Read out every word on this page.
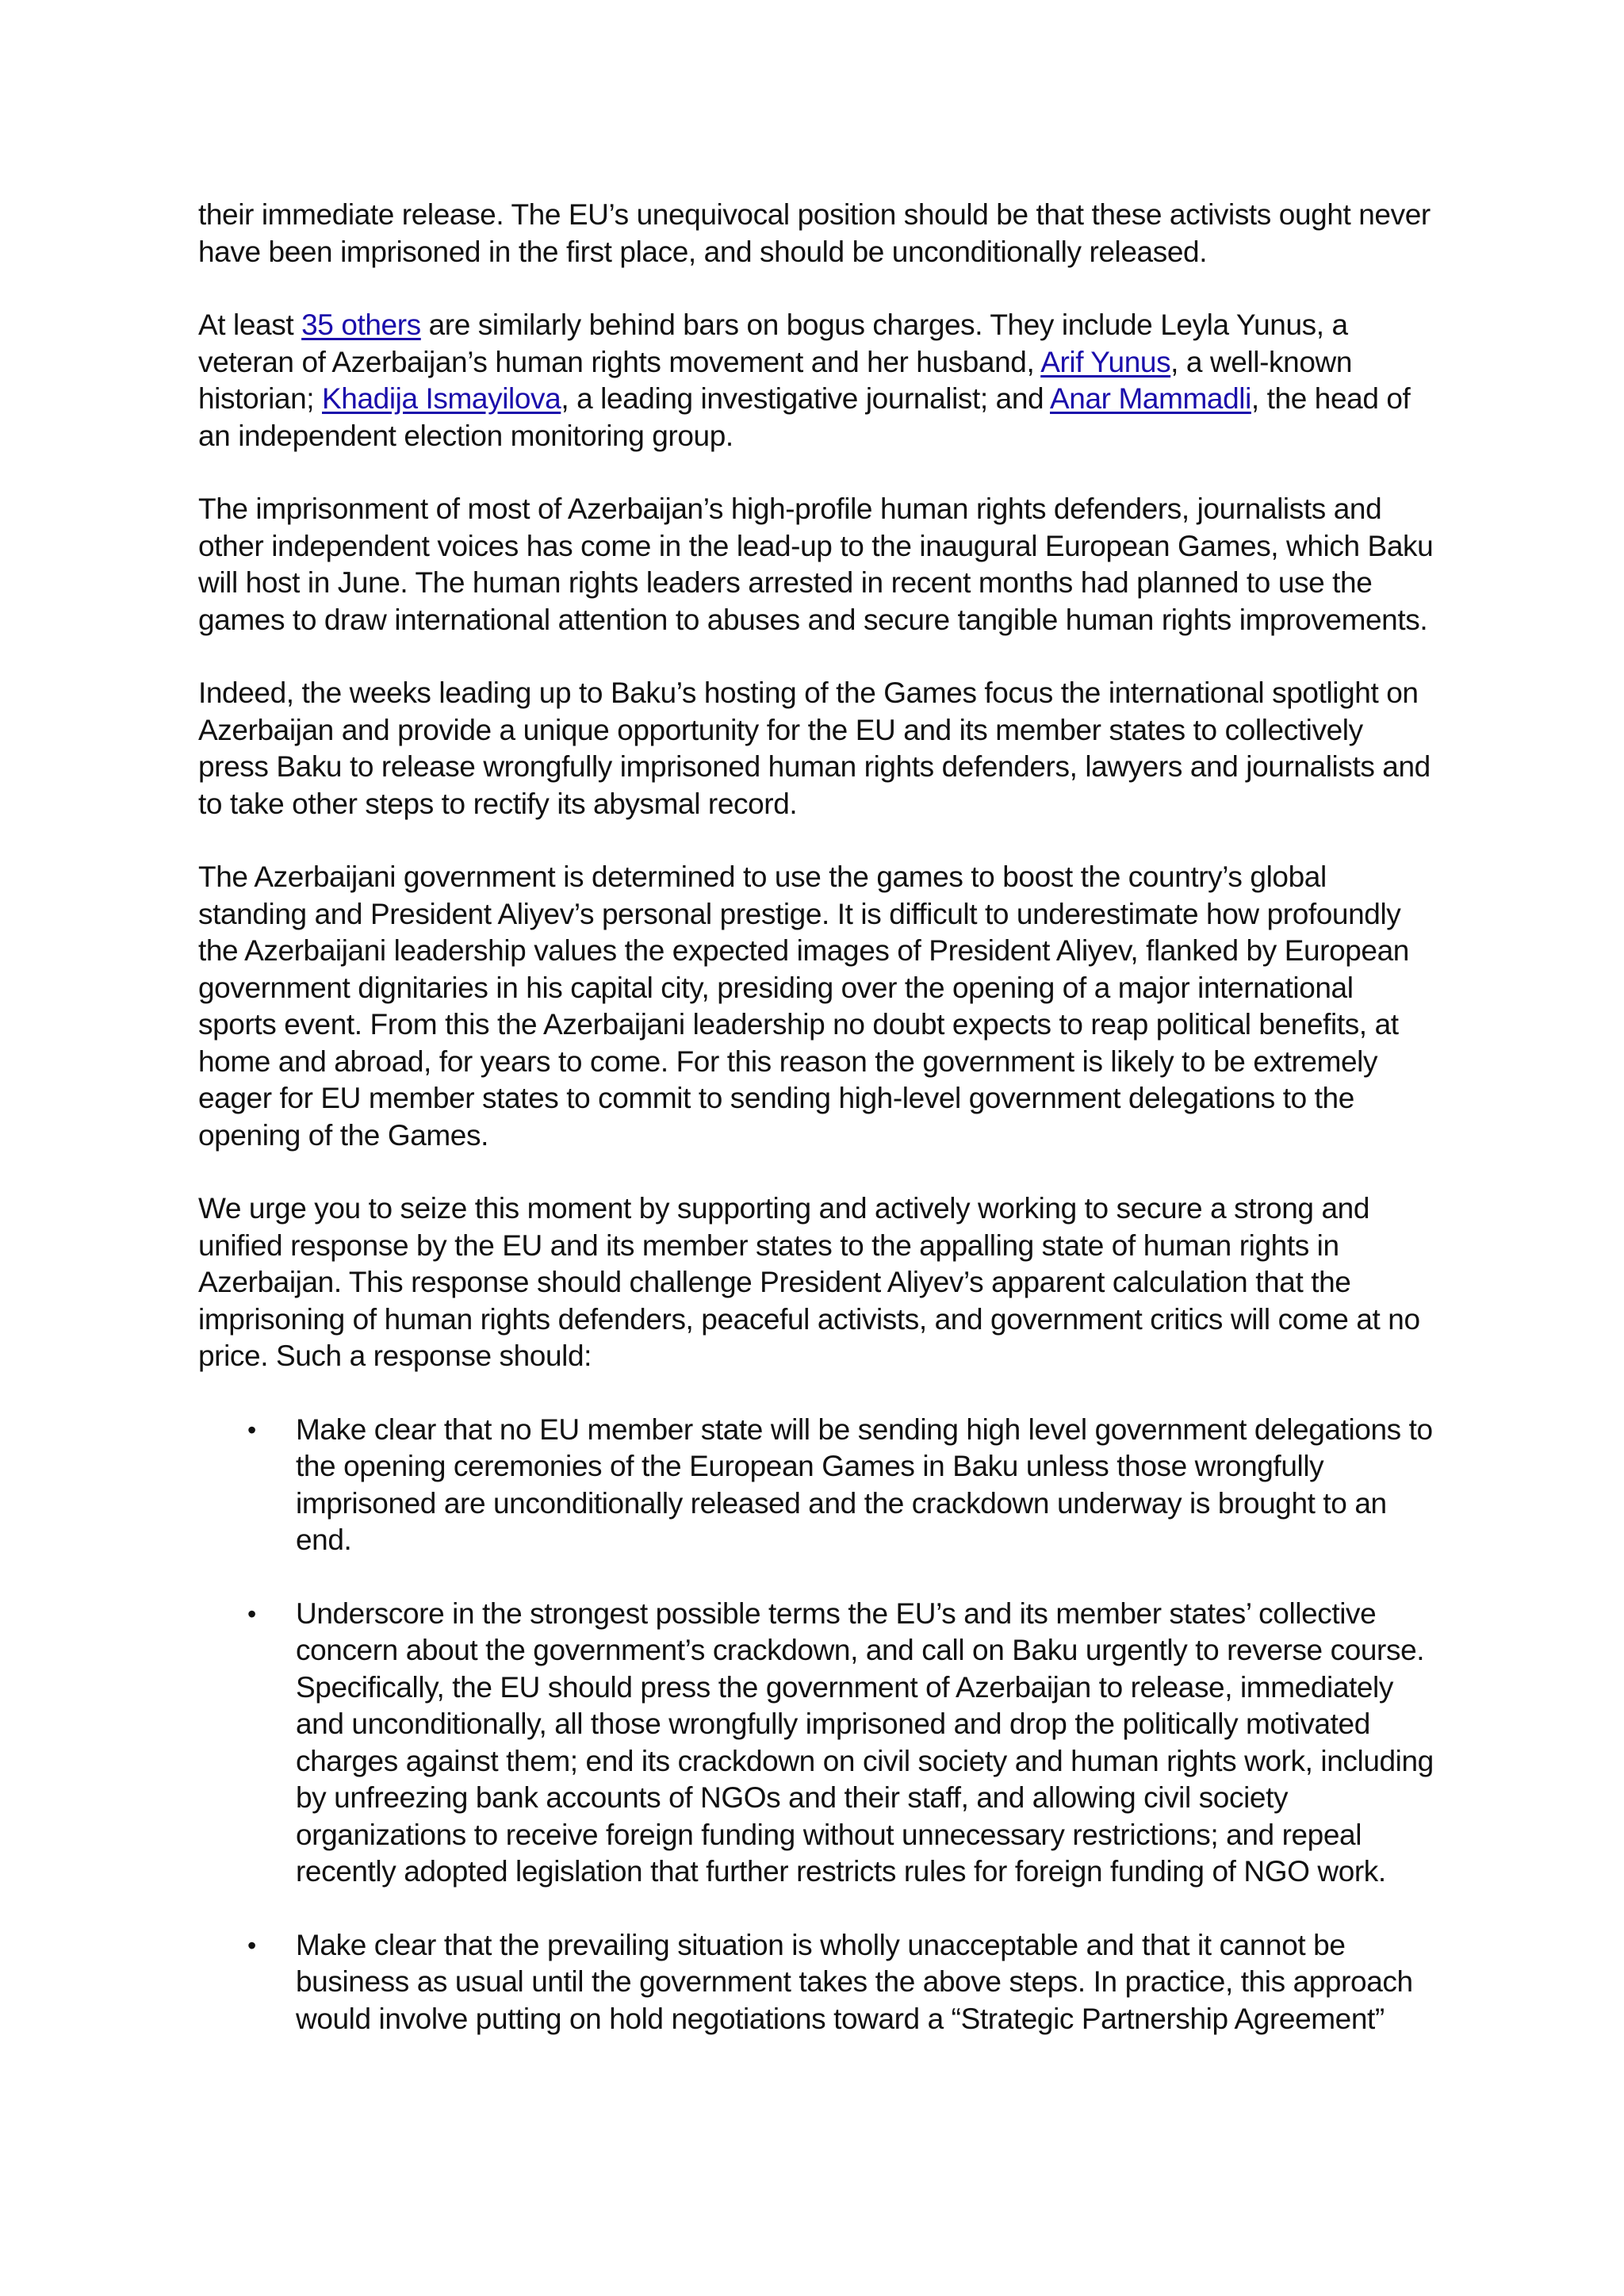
their immediate release. The EU’s unequivocal position should be that these activists ought never have been imprisoned in the first place, and should be unconditionally released.

At least 35 others are similarly behind bars on bogus charges. They include Leyla Yunus, a veteran of Azerbaijan’s human rights movement and her husband, Arif Yunus, a well-known historian; Khadija Ismayilova, a leading investigative journalist; and Anar Mammadli, the head of an independent election monitoring group.

The imprisonment of most of Azerbaijan’s high-profile human rights defenders, journalists and other independent voices has come in the lead-up to the inaugural European Games, which Baku will host in June. The human rights leaders arrested in recent months had planned to use the games to draw international attention to abuses and secure tangible human rights improvements.

Indeed, the weeks leading up to Baku’s hosting of the Games focus the international spotlight on Azerbaijan and provide a unique opportunity for the EU and its member states to collectively press Baku to release wrongfully imprisoned human rights defenders, lawyers and journalists and to take other steps to rectify its abysmal record.

The Azerbaijani government is determined to use the games to boost the country’s global standing and President Aliyev’s personal prestige. It is difficult to underestimate how profoundly the Azerbaijani leadership values the expected images of President Aliyev, flanked by European government dignitaries in his capital city, presiding over the opening of a major international sports event. From this the Azerbaijani leadership no doubt expects to reap political benefits, at home and abroad, for years to come. For this reason the government is likely to be extremely eager for EU member states to commit to sending high-level government delegations to the opening of the Games.

We urge you to seize this moment by supporting and actively working to secure a strong and unified response by the EU and its member states to the appalling state of human rights in Azerbaijan. This response should challenge President Aliyev’s apparent calculation that the imprisoning of human rights defenders, peaceful activists, and government critics will come at no price. Such a response should:

• Make clear that no EU member state will be sending high level government delegations to the opening ceremonies of the European Games in Baku unless those wrongfully imprisoned are unconditionally released and the crackdown underway is brought to an end.
• Underscore in the strongest possible terms the EU’s and its member states’ collective concern about the government’s crackdown, and call on Baku urgently to reverse course. Specifically, the EU should press the government of Azerbaijan to release, immediately and unconditionally, all those wrongfully imprisoned and drop the politically motivated charges against them; end its crackdown on civil society and human rights work, including by unfreezing bank accounts of NGOs and their staff, and allowing civil society organizations to receive foreign funding without unnecessary restrictions; and repeal recently adopted legislation that further restricts rules for foreign funding of NGO work.
• Make clear that the prevailing situation is wholly unacceptable and that it cannot be business as usual until the government takes the above steps. In practice, this approach would involve putting on hold negotiations toward a “Strategic Partnership Agreement”
